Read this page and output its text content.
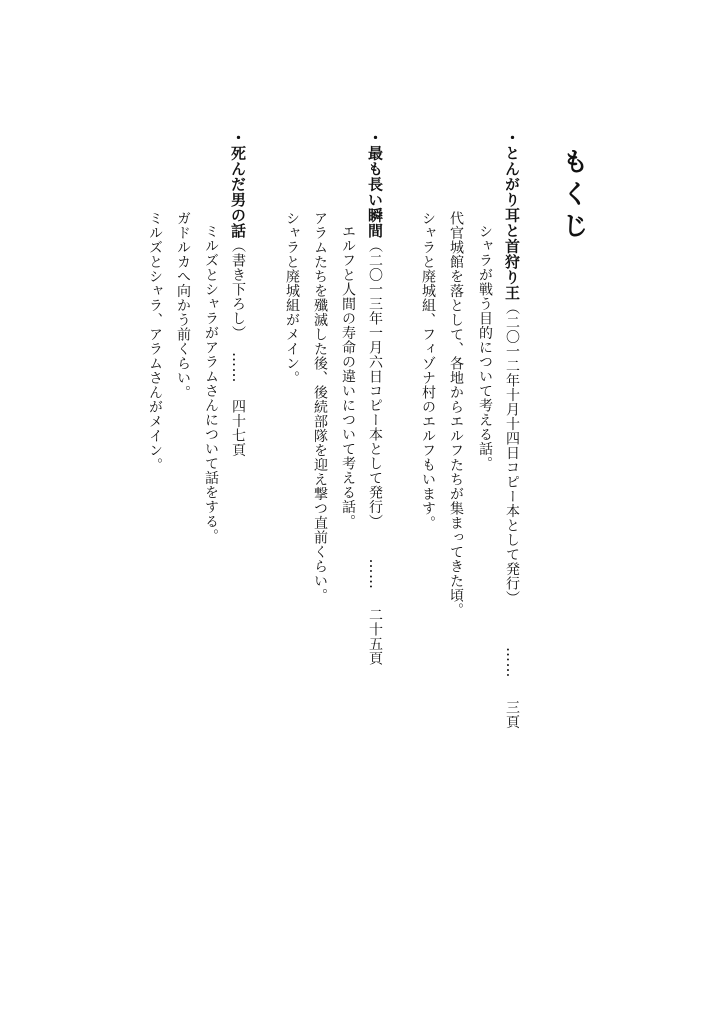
もくじ
・とんがり耳と首狩り王（二〇一二年十月十四日コピー本として発行）……三頁
シャラが戦う目的について考える話。
代官城館を落として、各地からエルフたちが集まってきた頃。
シャラと廃城組、フィゾナ村のエルフもいます。
・最も長い瞬間（二〇一三年一月六日コピー本として発行）……二十五頁
エルフと人間の寿命の違いについて考える話。
アラムたちを殲滅した後、後続部隊を迎え撃つ直前くらい。
シャラと廃城組がメイン。
・死んだ男の話（書き下ろし）……四十七頁
ミルズとシャラがアラムさんについて話をする。
ガドルカへ向かう前くらい。
ミルズとシャラ、アラムさんがメイン。
